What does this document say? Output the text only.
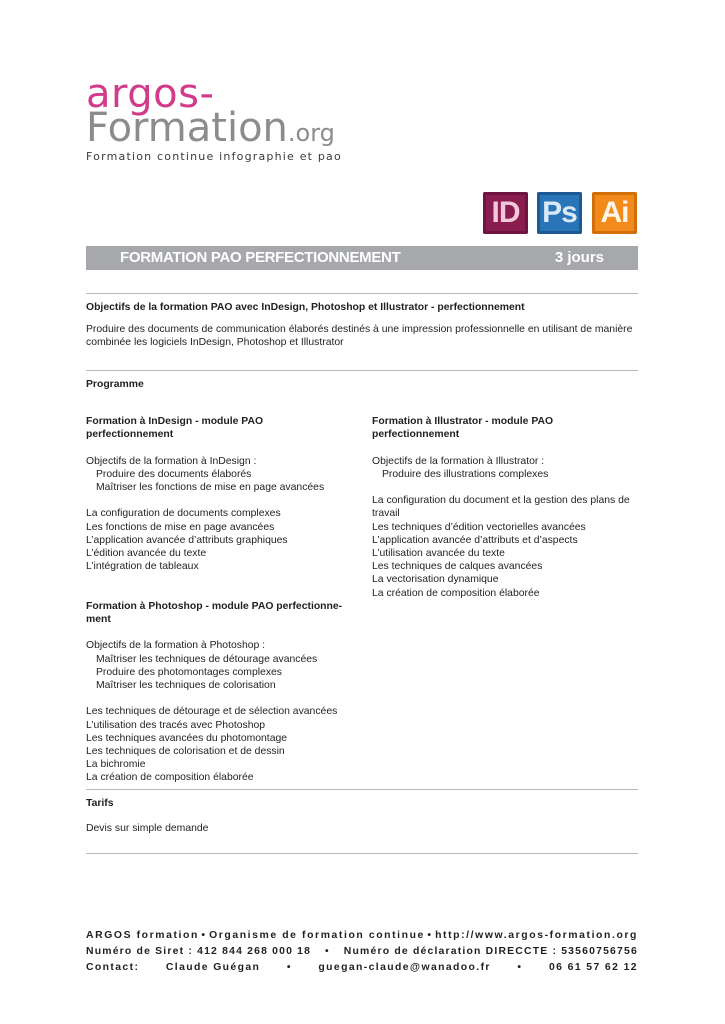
argos-
Formation.org
Formation continue infographie et pao
ID Ps Ai
FORMATION PAO PERFECTIONNEMENT	3 jours
Objectifs de la formation PAO avec InDesign, Photoshop et Illustrator - perfectionnement
Produire des documents de communication élaborés destinés à une impression professionnelle en utilisant de manière
combinée les logiciels InDesign, Photoshop et Illustrator
Programme
Formation à InDesign - module PAO perfectionnement
Objectifs de la formation à InDesign :
Produire des documents élaborés
Maîtriser les fonctions de mise en page avancées
La configuration de documents complexes
Les fonctions de mise en page avancées
L’application avancée d’attributs graphiques
L’édition avancée du texte
L’intégration de tableaux
Formation à Photoshop - module PAO perfectionne-
ment
Objectifs de la formation à Photoshop :
Maîtriser les techniques de détourage avancées
Produire des photomontages complexes
Maîtriser les techniques de colorisation
Les techniques de détourage et de sélection avancées
L’utilisation des tracés avec Photoshop
Les techniques avancées du photomontage
Les techniques de colorisation et de dessin
La bichromie
La création de composition élaborée
Formation à Illustrator - module PAO perfectionnement
Objectifs de la formation à Illustrator :
Produire des illustrations complexes
La configuration du document et la gestion des plans de
travail
Les techniques d’édition vectorielles avancées
L’application avancée d’attributs et d’aspects
L’utilisation avancée du texte
Les techniques de calques avancées
La vectorisation dynamique
La création de composition élaborée
Tarifs
Devis sur simple demande
ARGOS formation • Organisme de formation continue • http://www.argos-formation.org
Numéro de Siret : 412 844 268 000 18 • Numéro de déclaration DIRECCTE : 53560756756
Contact:	Claude Guégan	•	guegan-claude@wanadoo.fr	•	06 61 57 62 12
